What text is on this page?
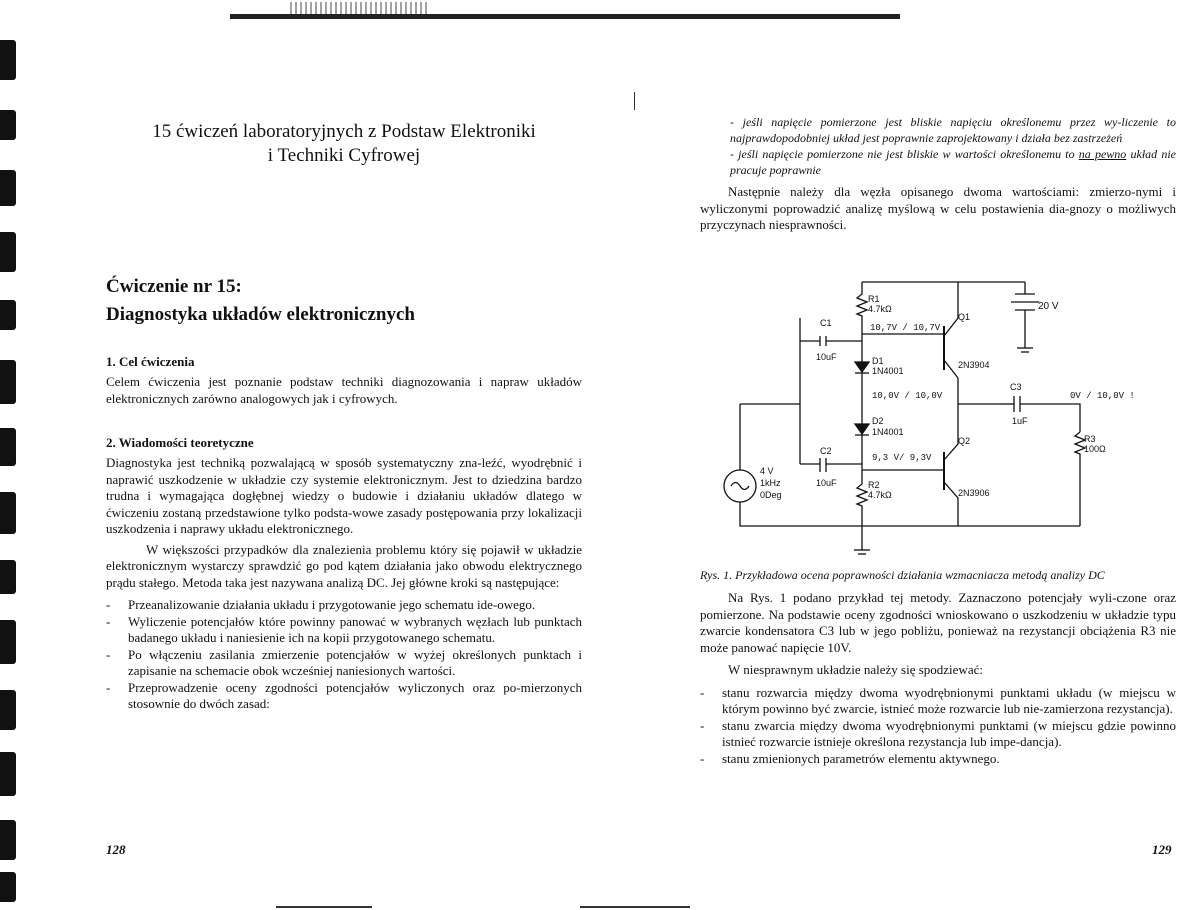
15 ćwiczeń laboratoryjnych z Podstaw Elektroniki
i Techniki Cyfrowej
Ćwiczenie nr 15:
Diagnostyka układów elektronicznych
1. Cel ćwiczenia

Celem ćwiczenia jest poznanie podstaw techniki diagnozowania i napraw układów elektronicznych zarówno analogowych jak i cyfrowych.

2. Wiadomości teoretyczne

Diagnostyka jest techniką pozwalającą w sposób systematyczny zna-leźć, wyodrębnić i naprawić uszkodzenie w układzie czy systemie elektronicznym. Jest to dziedzina bardzo trudna i wymagająca dogłębnej wiedzy o budowie i działaniu układów dlatego w ćwiczeniu zostaną przedstawione tylko podsta-wowe zasady postępowania przy lokalizacji uszkodzenia i naprawy układu elektronicznego.

W większości przypadków dla znalezienia problemu który się pojawił w układzie elektronicznym wystarczy sprawdzić go pod kątem działania jako obwodu elektrycznego prądu stałego. Metoda taka jest nazywana analizą DC. Jej główne kroki są następujące:

- Przeanalizowanie działania układu i przygotowanie jego schematu ide-owego.
- Wyliczenie potencjałów które powinny panować w wybranych węzłach lub punktach badanego układu i naniesienie ich na kopii przygotowanego schematu.
- Po włączeniu zasilania zmierzenie potencjałów w wyżej określonych punktach i zapisanie na schemacie obok wcześniej naniesionych wartości.
- Przeprowadzenie oceny zgodności potencjałów wyliczonych oraz po-mierzonych stosownie do dwóch zasad:
128

- jeśli napięcie pomierzone jest bliskie napięciu określonemu przez wy-liczenie to najprawdopodobniej układ jest poprawnie zaprojektowany i działa bez zastrzeżeń

- jeśli napięcie pomierzone nie jest bliskie w wartości określonemu to na pewno układ nie pracuje poprawnie

Następnie należy dla węzła opisanego dwoma wartościami: zmierzo-nymi i wyliczonymi poprowadzić analizę myślową w celu postawienia dia-gnozy o możliwych przyczynach niesprawności.

20 V
R1
4.7kΩ
10,7V / 10,7V
Q1
2N3904
C1
10uF	D1
1N4001
10,0V / 10,0V
C3
1uF
0V / 10,0V !
D2
1N4001
9,3 V/ 9,3V
Q2
2N3906
C2
10uF	R2
4.7kΩ
R3
100Ω
4 V
1kHz
0Deg
Rys. 1. Przykładowa ocena poprawności działania wzmacniacza metodą analizy DC

Na Rys. 1 podano przykład tej metody. Zaznaczono potencjały wyli-czone oraz pomierzone. Na podstawie oceny zgodności wnioskowano o uszkodzeniu w układzie typu zwarcie kondensatora C3 lub w jego pobliżu, ponieważ na rezystancji obciążenia R3 nie może panować napięcie 10V.

W niesprawnym układzie należy się spodziewać:

- stanu rozwarcia między dwoma wyodrębnionymi punktami układu (w miejscu w którym powinno być zwarcie, istnieć może rozwarcie lub nie-zamierzona rezystancja).
- stanu zwarcia między dwoma wyodrębnionymi punktami (w miejscu gdzie powinno istnieć rozwarcie istnieje określona rezystancja lub impe-dancja).
- stanu zmienionych parametrów elementu aktywnego.
129
